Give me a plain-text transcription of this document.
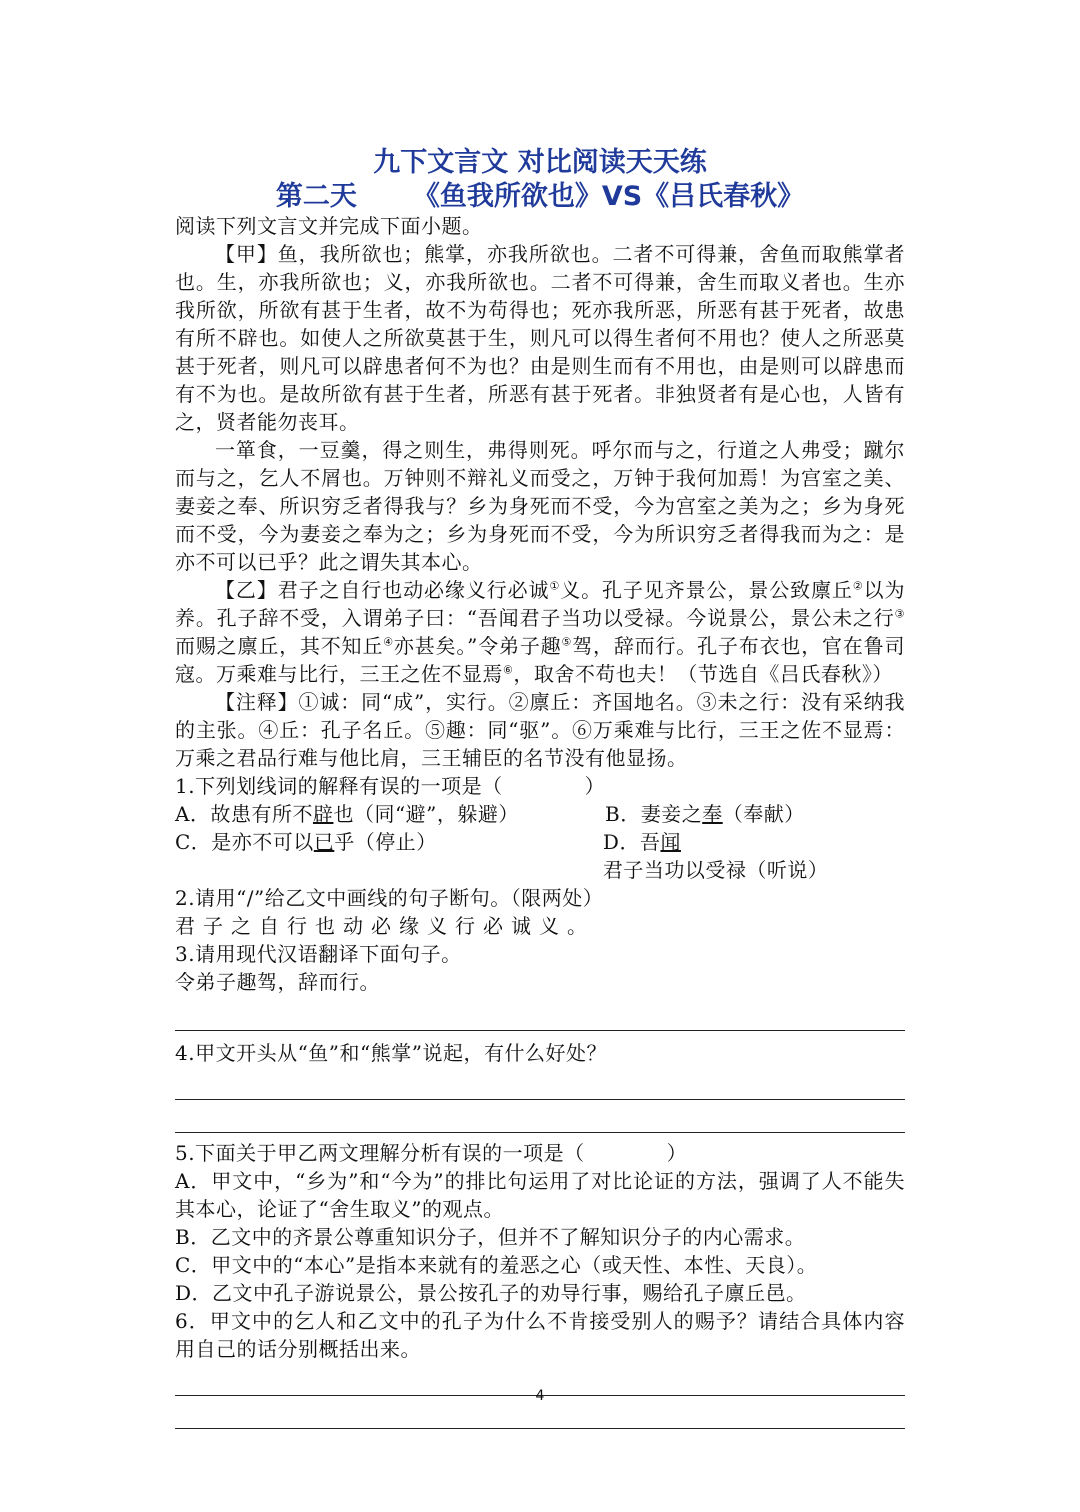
九下文言文 对比阅读天天练
第二天 《鱼我所欲也》VS《吕氏春秋》

阅读下列文言文并完成下面小题。

【甲】鱼，我所欲也；熊掌，亦我所欲也。二者不可得兼，舍鱼而取熊掌者也。生，亦我所欲也；义，亦我所欲也。二者不可得兼，舍生而取义者也。生亦我所欲，所欲有甚于生者，故不为苟得也；死亦我所恶，所恶有甚于死者，故患有所不辟也。如使人之所欲莫甚于生，则凡可以得生者何不用也？使人之所恶莫甚于死者，则凡可以辟患者何不为也？由是则生而有不用也，由是则可以辟患而有不为也。是故所欲有甚于生者，所恶有甚于死者。非独贤者有是心也，人皆有之，贤者能勿丧耳。

一箪食，一豆羹，得之则生，弗得则死。呼尔而与之，行道之人弗受；蹴尔而与之，乞人不屑也。万钟则不辩礼义而受之，万钟于我何加焉！为宫室之美、妻妾之奉、所识穷乏者得我与？乡为身死而不受，今为宫室之美为之；乡为身死而不受，今为妻妾之奉为之；乡为身死而不受，今为所识穷乏者得我而为之：是亦不可以已乎？此之谓失其本心。

【乙】君子之自行也动必缘义行必诚①义。孔子见齐景公，景公致廪丘②以为养。孔子辞不受，入谓弟子曰：“吾闻君子当功以受禄。今说景公，景公未之行③而赐之廪丘，其不知丘④亦甚矣。”令弟子趣⑤驾，辞而行。孔子布衣也，官在鲁司寇。万乘难与比行，三王之佐不显焉⑥，取舍不苟也夫！（节选自《吕氏春秋》）

【注释】①诚：同“成”，实行。②廪丘：齐国地名。③未之行：没有采纳我的主张。④丘：孔子名丘。⑤趣：同“驱”。⑥万乘难与比行，三王之佐不显焉：万乘之君品行难与他比肩，三王辅臣的名节没有他显扬。

1.下列划线词的解释有误的一项是（　　　　）

A．故患有所不辟也（同“避”，躲避）	B．妻妾之奉（奉献）
C．是亦不可以已乎（停止）	D．吾闻君子当功以受禄（听说）

2.请用“/”给乙文中画线的句子断句。（限两处）

君子之自行也动必缘义行必诚义。

3.请用现代汉语翻译下面句子。

令弟子趣驾，辞而行。

4.甲文开头从“鱼”和“熊掌”说起，有什么好处？

5.下面关于甲乙两文理解分析有误的一项是（　　　　）

A．甲文中，“乡为”和“今为”的排比句运用了对比论证的方法，强调了人不能失其本心，论证了“舍生取义”的观点。

B．乙文中的齐景公尊重知识分子，但并不了解知识分子的内心需求。

C．甲文中的“本心”是指本来就有的羞恶之心（或天性、本性、天良）。

D．乙文中孔子游说景公，景公按孔子的劝导行事，赐给孔子廪丘邑。

6．甲文中的乞人和乙文中的孔子为什么不肯接受别人的赐予？请结合具体内容用自己的话分别概括出来。

4
